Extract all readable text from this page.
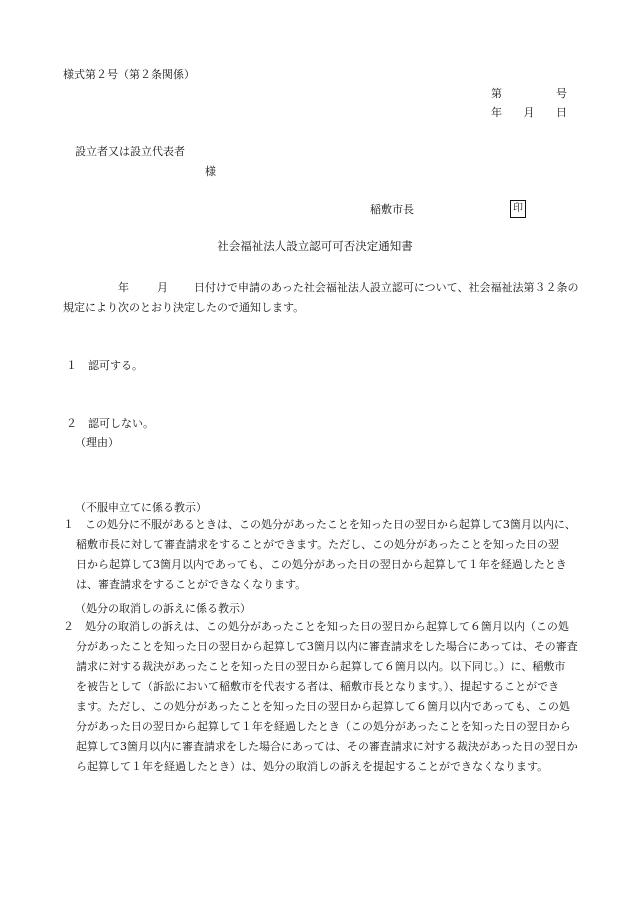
様式第２号（第２条関係）
第	号
年 月 日
設立者又は設立代表者
様
稲敷市長	印
社会福祉法人設立認可可否決定通知書
年	月 日付けで申請のあった社会福祉法人設立認可について、社会福祉法第３２条の
規定により次のとおり決定したので通知します。
１　認可する。
２　認可しない。
（理由）
（不服申立てに係る教示）
１　この処分に不服があるときは、この処分があったことを知った日の翌日から起算して3箇月以内に、
稲敷市長に対して審査請求をすることができます。ただし、この処分があったことを知った日の翌
日から起算して3箇月以内であっても、この処分があった日の翌日から起算して１年を経過したとき
は、審査請求をすることができなくなります。
（処分の取消しの訴えに係る教示）
２　処分の取消しの訴えは、この処分があったことを知った日の翌日から起算して６箇月以内（この処
分があったことを知った日の翌日から起算して3箇月以内に審査請求をした場合にあっては、その審査
請求に対する裁決があったことを知った日の翌日から起算して６箇月以内。以下同じ。）に、稲敷市
を被告として（訴訟において稲敷市を代表する者は、稲敷市長となります。）、提起することができ
ます。ただし、この処分があったことを知った日の翌日から起算して６箇月以内であっても、この処
分があった日の翌日から起算して１年を経過したとき（この処分があったことを知った日の翌日から
起算して3箇月以内に審査請求をした場合にあっては、その審査請求に対する裁決があった日の翌日か
ら起算して１年を経過したとき）は、処分の取消しの訴えを提起することができなくなります。
